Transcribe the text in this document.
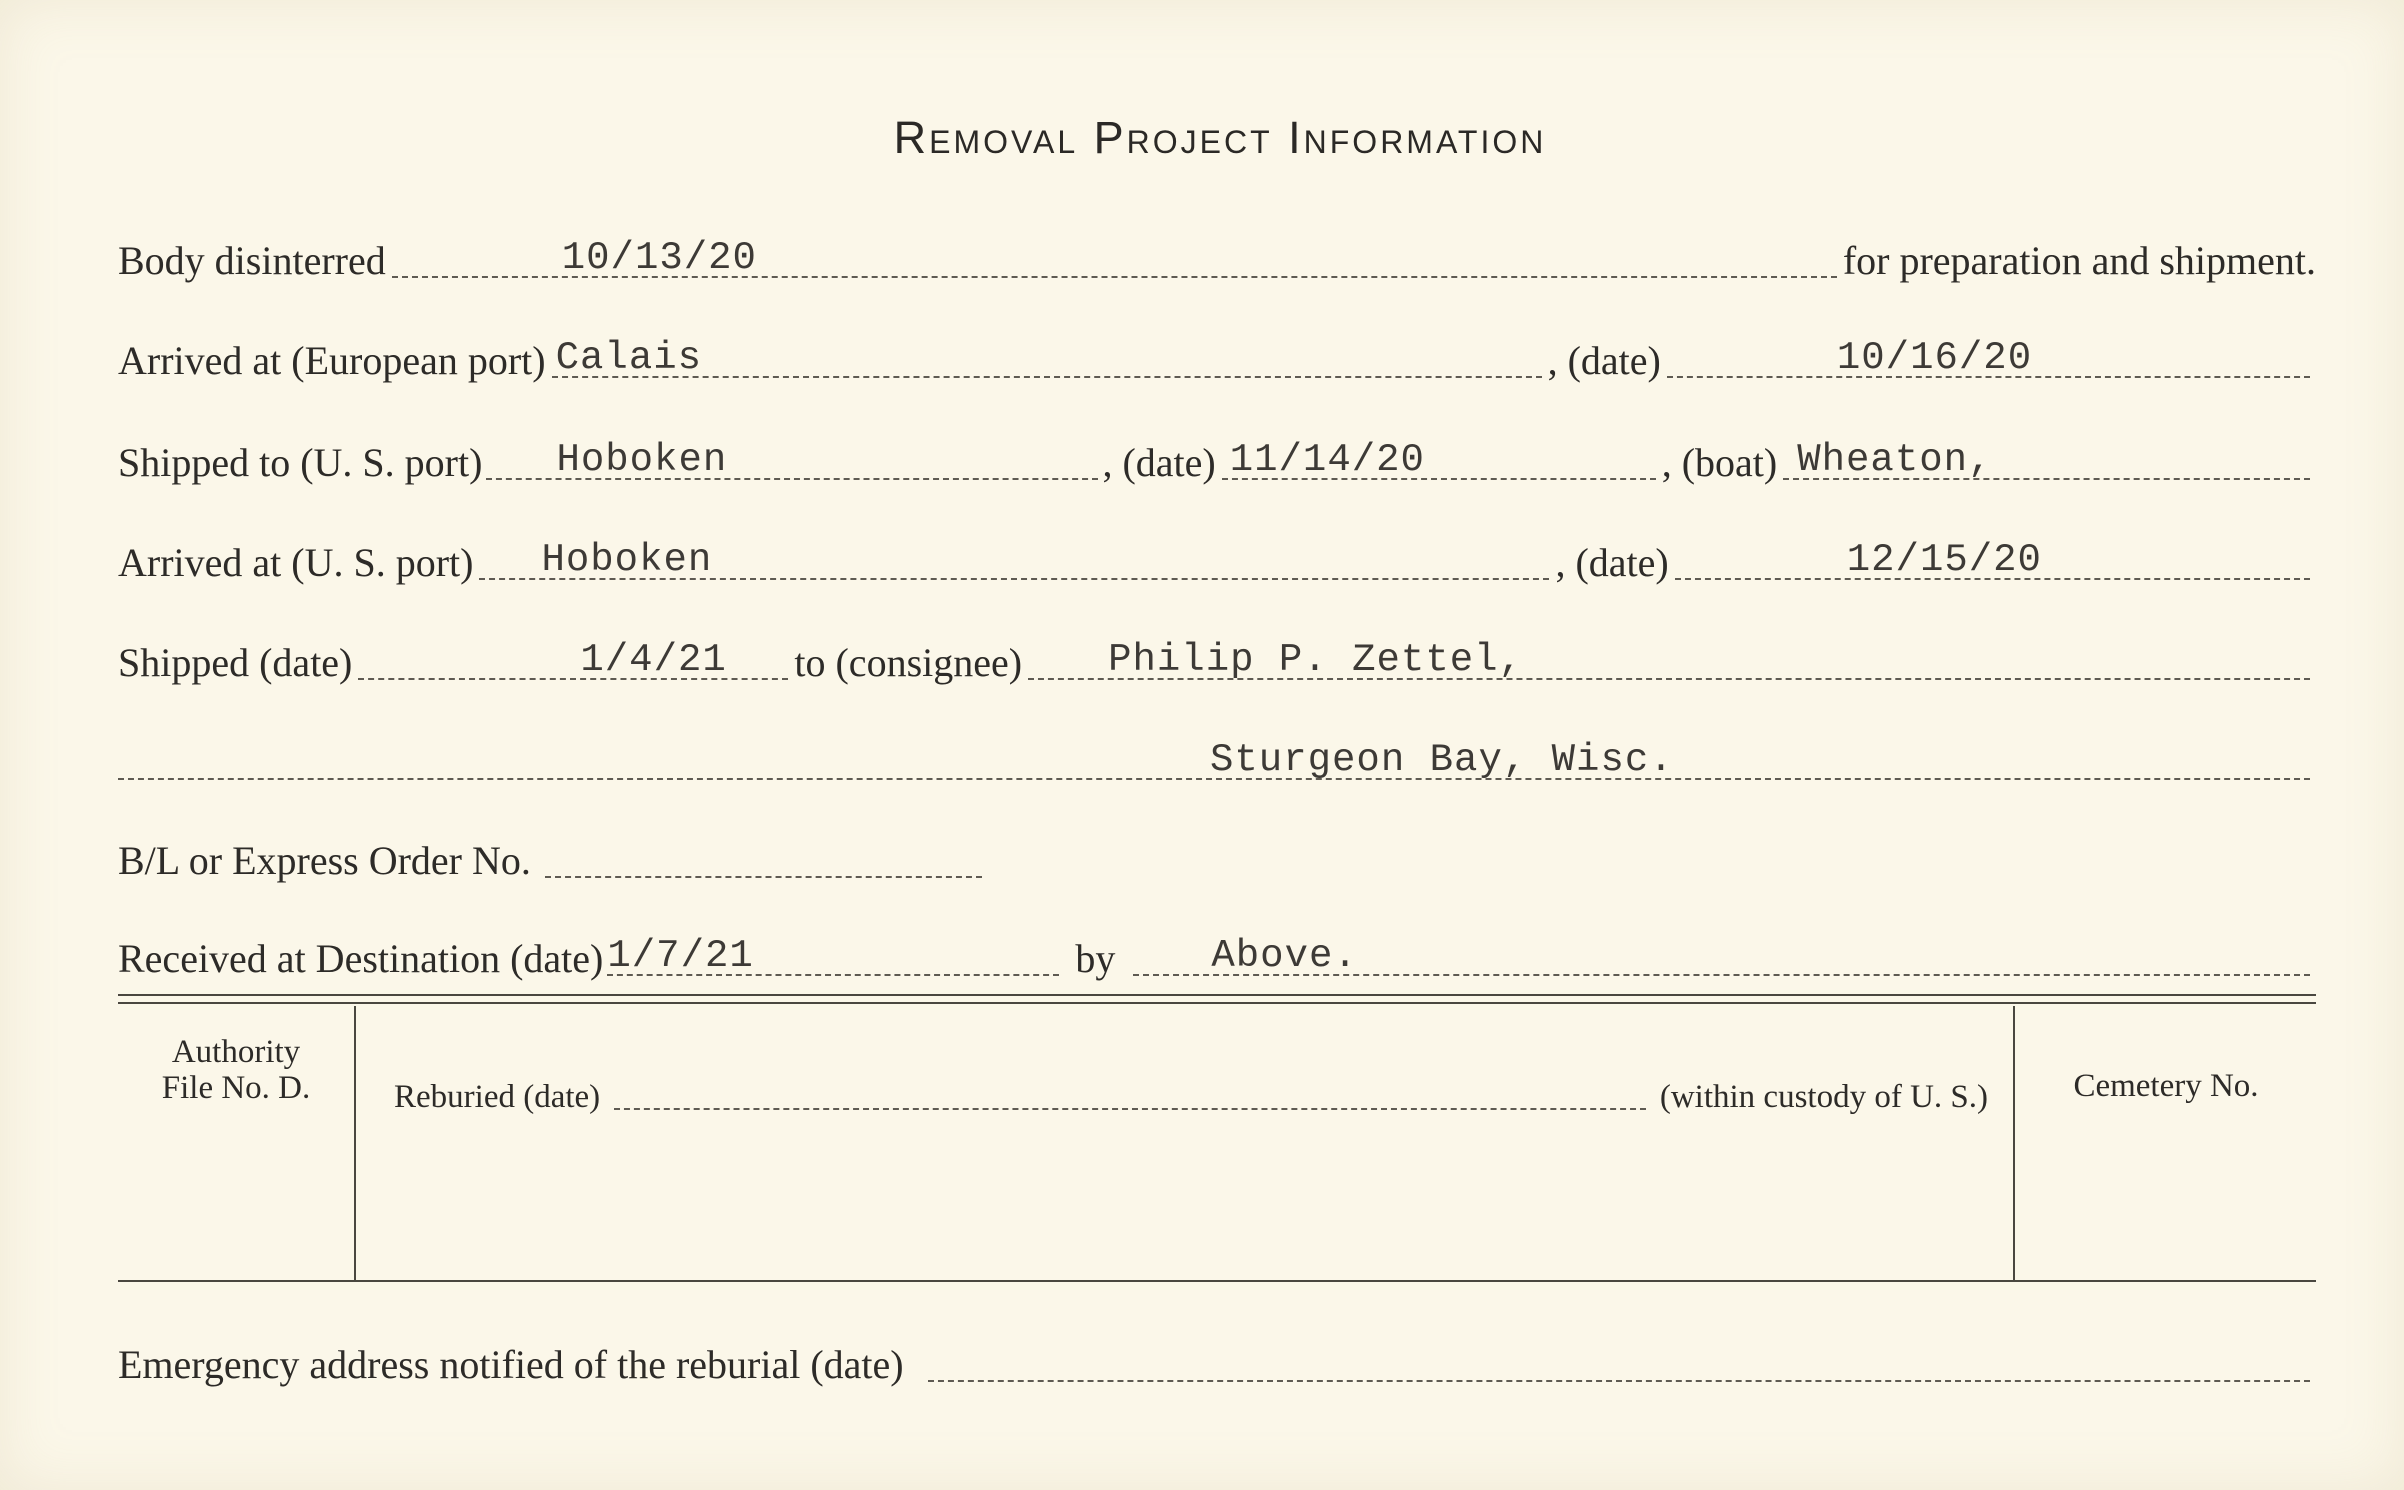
Removal Project Information
Body disinterred	10/13/20	for preparation and shipment.
Arrived at (European port) Calais	, (date)	10/16/20
Shipped to (U. S. port) Hoboken	, (date) 11/14/20	, (boat) Wheaton,
Arrived at (U. S. port) Hoboken	, (date)	12/15/20
Shipped (date)	1/4/21 to (consignee) Philip P. Zettel,
Sturgeon Bay, Wisc.
B/L or Express Order No.
Received at Destination (date) 1/7/21	by Above.
Authority
File No. D.	Reburied (date)	(within custody of U. S.)	Cemetery No.
Emergency address notified of the reburial (date)
